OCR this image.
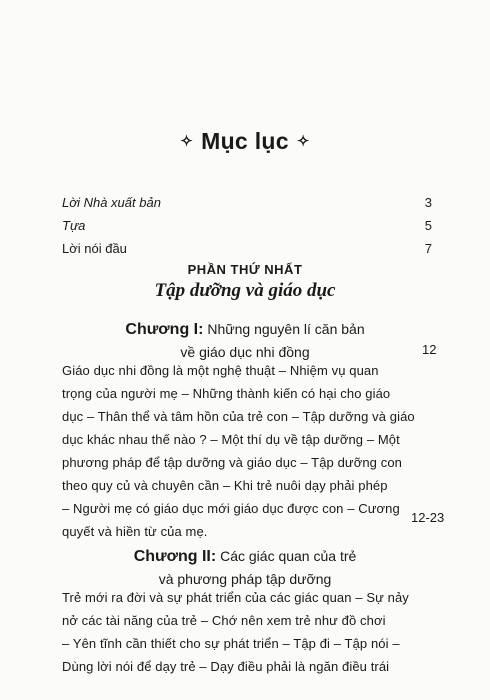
✧ Mục lục ✧
Lời Nhà xuất bản	3
Tựa	5
Lời nói đầu	7
PHẦN THỨ NHẤT
Tập dưỡng và giáo dục
Chương I: Những nguyên lí căn bản
về giáo dục nhi đồng	12
Giáo dục nhi đồng là một nghệ thuật – Nhiệm vụ quan
trọng của người mẹ – Những thành kiến có hại cho giáo
dục – Thân thể và tâm hồn của trẻ con – Tập dưỡng và giáo
dục khác nhau thế nào ? – Một thí dụ về tập dưỡng – Một
phương pháp để tập dưỡng và giáo dục – Tập dưỡng con
theo quy củ và chuyên cần – Khi trẻ nuôi dạy phải phép
– Người mẹ có giáo dục mới giáo dục được con – Cương
quyết và hiền từ của mẹ.
12-23
Chương II: Các giác quan của trẻ
và phương pháp tập dưỡng
Trẻ mới ra đời và sự phát triển của các giác quan – Sự nảy
nở các tài năng của trẻ – Chớ nên xem trẻ như đồ chơi
– Yên tĩnh cần thiết cho sự phát triển – Tập đi – Tập nói –
Dùng lời nói để dạy trẻ – Dạy điều phải là ngăn điều trái
